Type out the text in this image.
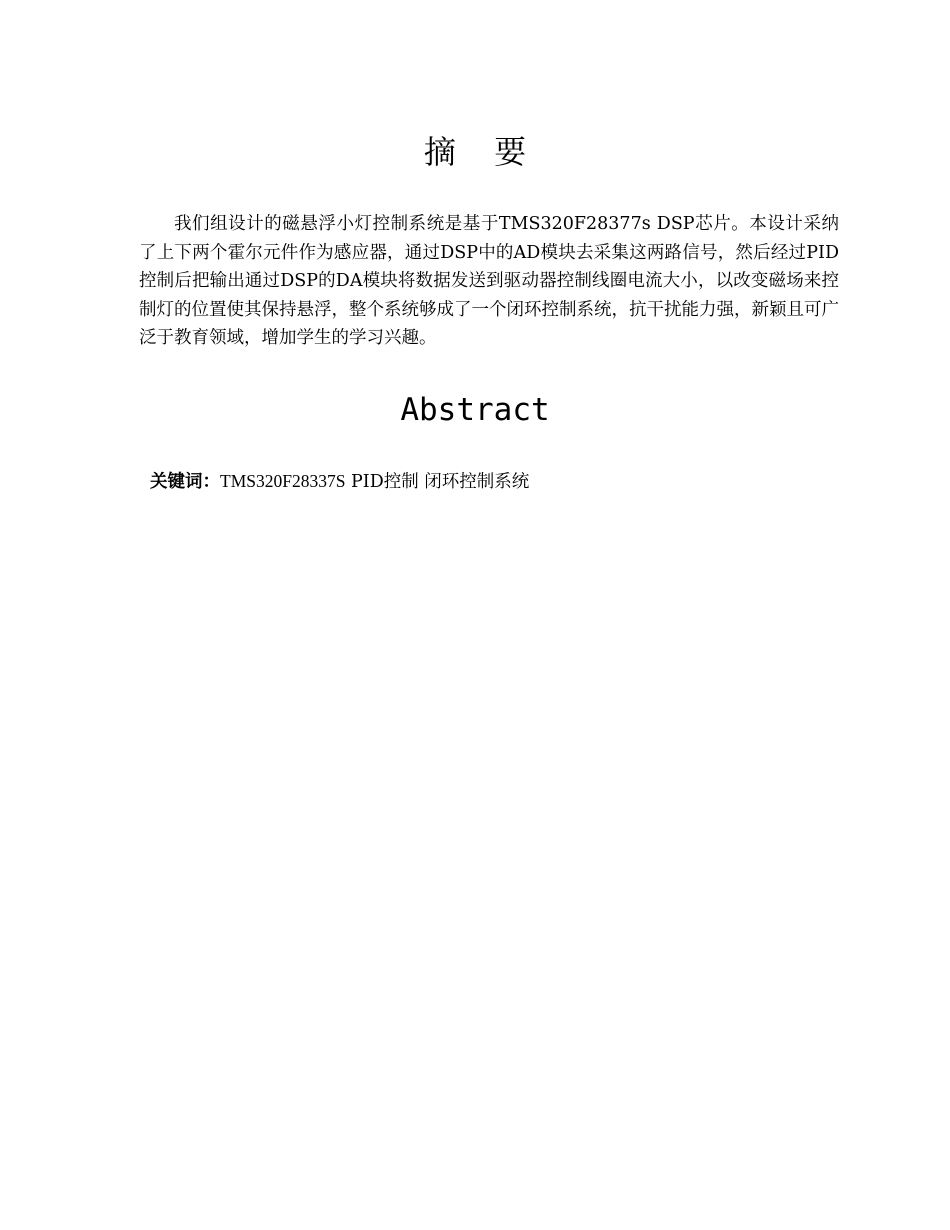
摘 要

我们组设计的磁悬浮小灯控制系统是基于TMS320F28377s DSP芯片。本设计采纳了上下两个霍尔元件作为感应器，通过DSP中的AD模块去采集这两路信号，然后经过PID控制后把输出通过DSP的DA模块将数据发送到驱动器控制线圈电流大小，以改变磁场来控制灯的位置使其保持悬浮，整个系统够成了一个闭环控制系统，抗干扰能力强，新颖且可广泛于教育领域，增加学生的学习兴趣。

Abstract
关键词：TMS320F28337S PID控制 闭环控制系统
